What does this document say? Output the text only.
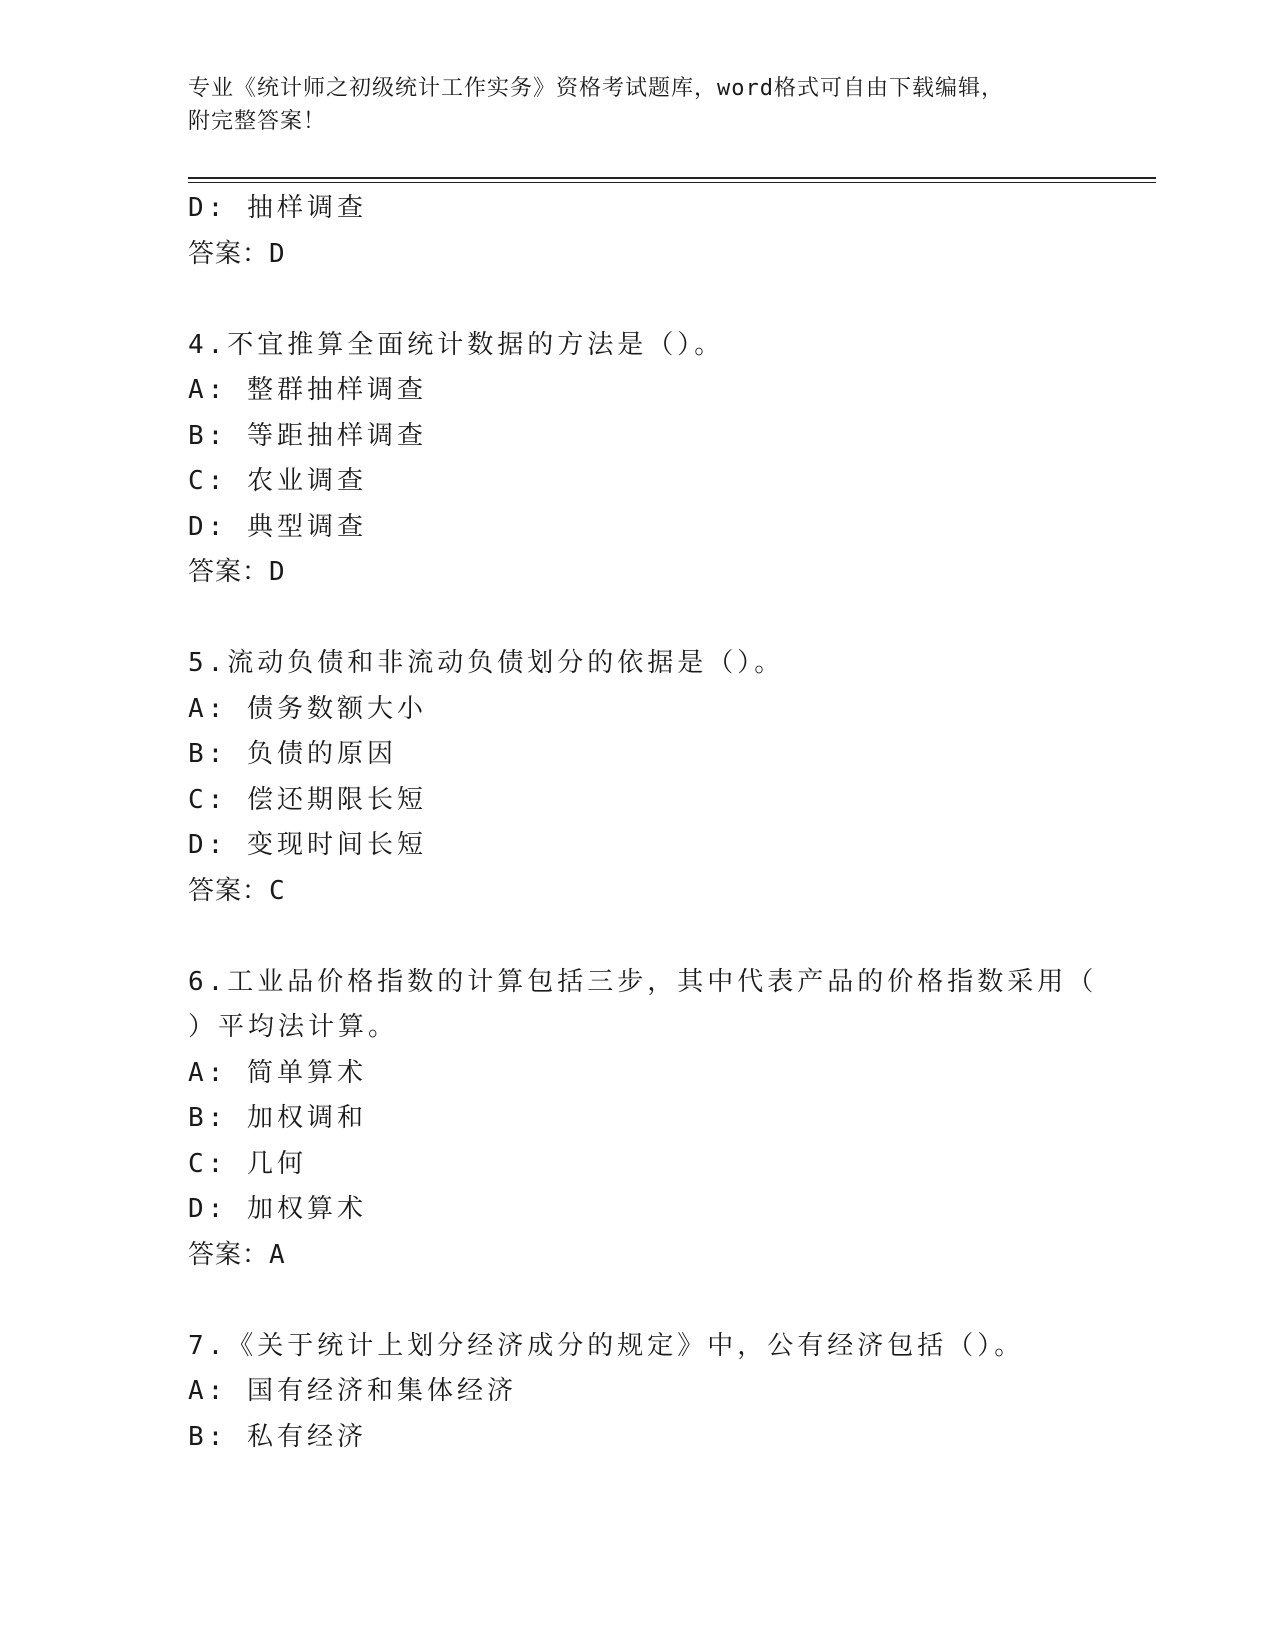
专业《统计师之初级统计工作实务》资格考试题库，word格式可自由下载编辑，
附完整答案！
D: 抽样调查
答案：D
4.不宜推算全面统计数据的方法是（）。
A: 整群抽样调查
B: 等距抽样调查
C: 农业调查
D: 典型调查
答案：D
5.流动负债和非流动负债划分的依据是（）。
A: 债务数额大小
B: 负债的原因
C: 偿还期限长短
D: 变现时间长短
答案：C
6.工业品价格指数的计算包括三步，其中代表产品的价格指数采用（
）平均法计算。
A: 简单算术
B: 加权调和
C: 几何
D: 加权算术
答案：A
7.《关于统计上划分经济成分的规定》中，公有经济包括（）。
A: 国有经济和集体经济
B: 私有经济
